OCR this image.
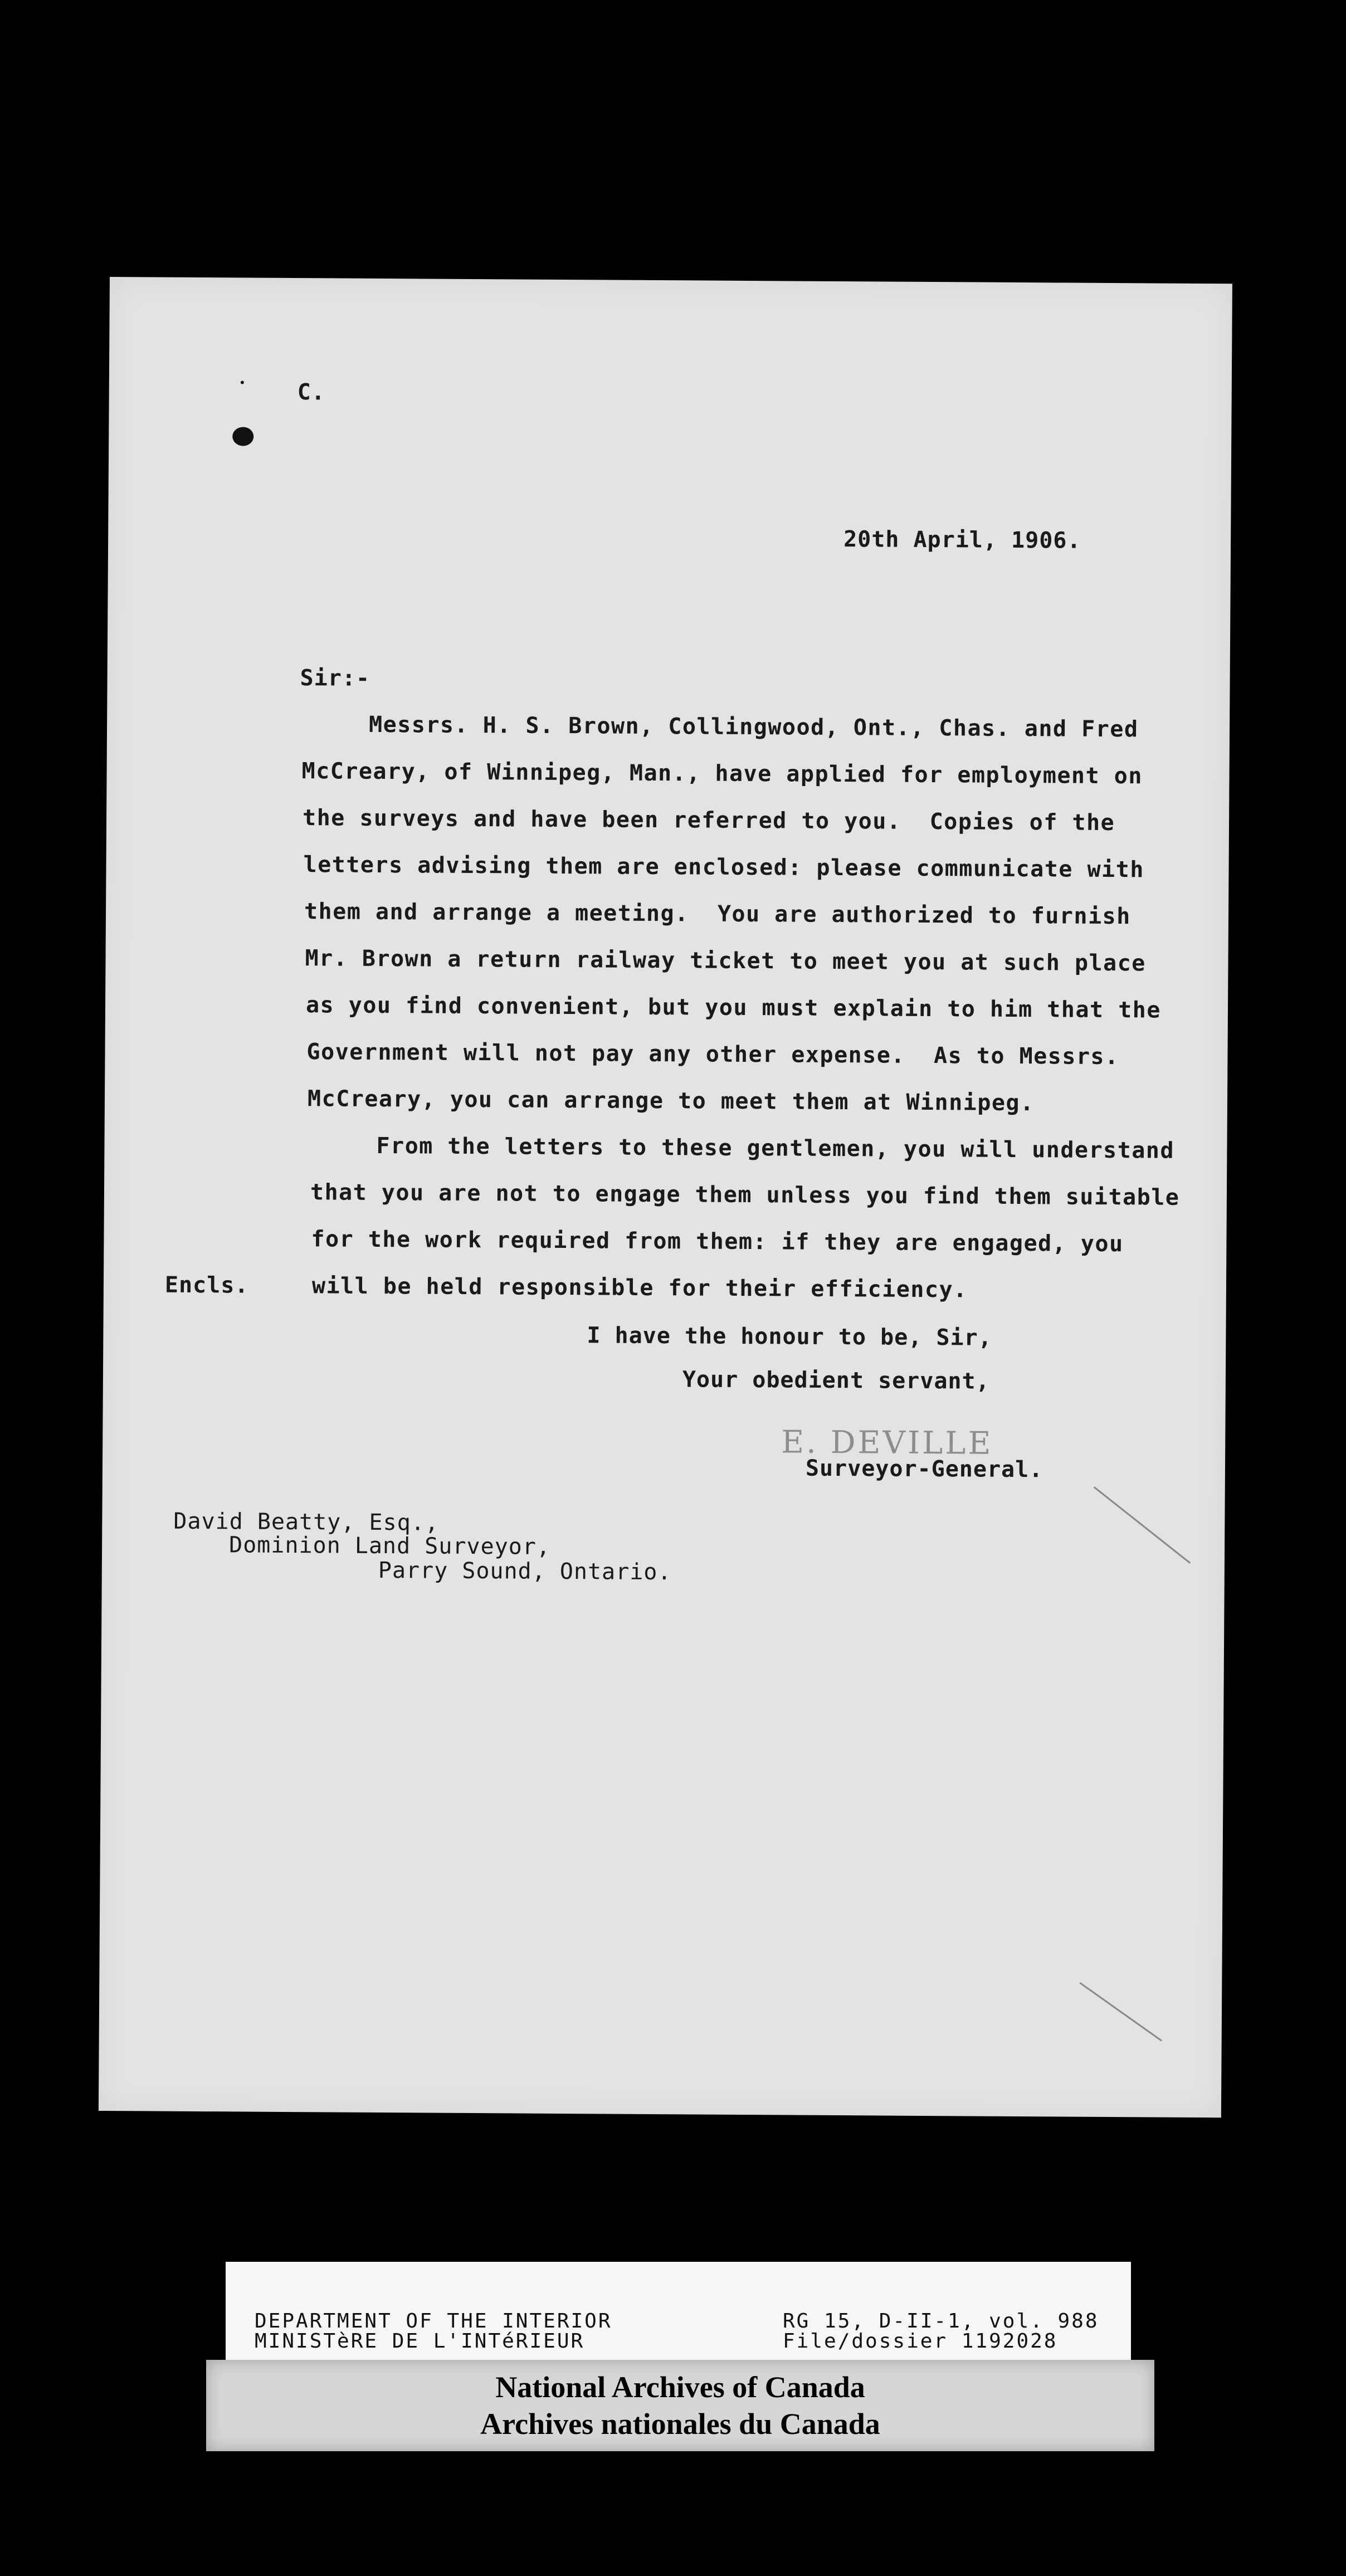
C.

20th April, 1906.

Sir:-

Messrs. H. S. Brown, Collingwood, Ont., Chas. and Fred

McCreary, of Winnipeg, Man., have applied for employment on

the surveys and have been referred to you.  Copies of the

letters advising them are enclosed: please communicate with

them and arrange a meeting.  You are authorized to furnish

Mr. Brown a return railway ticket to meet you at such place

as you find convenient, but you must explain to him that the

Government will not pay any other expense.  As to Messrs.

McCreary, you can arrange to meet them at Winnipeg.

From the letters to these gentlemen, you will understand

that you are not to engage them unless you find them suitable

for the work required from them: if they are engaged, you

will be held responsible for their efficiency.

Encls.

I have the honour to be, Sir,

Your obedient servant,

E. DEVILLE

Surveyor-General.

David Beatty, Esq.,

Dominion Land Surveyor,

Parry Sound, Ontario.

DEPARTMENT OF THE INTERIOR
MINISTèRE DE L'INTéRIEUR
RG 15, D-II-1, vol. 988
File/dossier 1192028
National Archives of Canada
Archives nationales du Canada
